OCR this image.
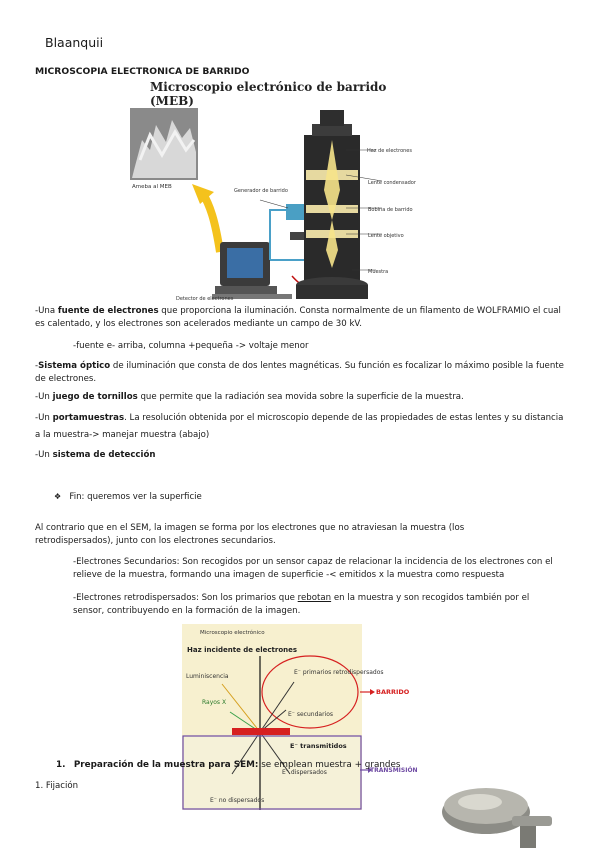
Blaanquii
MICROSCOPIA ELECTRONICA DE BARRIDO
Microscopio electrónico de barrido (MEB)
Ameba al MEB
Haz de electrones
Lente condensador
Bobina de barrido
Lente objetivo
Muestra
Generador de barrido
Detector de electrones
-Una fuente de electrones que proporciona la iluminación. Consta normalmente de un filamento de WOLFRAMIO el cual es calentado, y los electrones son acelerados mediante un campo de 30 kV.
-fuente e- arriba, columna +pequeña -> voltaje menor
-Sistema óptico de iluminación que consta de dos lentes magnéticas. Su función es focalizar lo máximo posible la fuente de electrones.
-Un juego de tornillos que permite que la radiación sea movida sobre la superficie de la muestra.
-Un portamuestras. La resolución obtenida por el microscopio depende de las propiedades de estas lentes y su distancia a la muestra-> manejar muestra (abajo)
-Un sistema de detección
❖ Fin: queremos ver la superficie
Al contrario que en el SEM, la imagen se forma por los electrones que no atraviesan la muestra (los retrodispersados), junto con los electrones secundarios.
-Electrones Secundarios: Son recogidos por un sensor capaz de relacionar la incidencia de los electrones con el relieve de la muestra, formando una imagen de superficie -< emitidos x la muestra como respuesta
-Electrones retrodispersados: Son los primarios que rebotan en la muestra y son recogidos también por el sensor, contribuyendo en la formación de la imagen.
Microscopio electrónico
Haz incidente de electrones
Luminiscencia
Rayos X
E⁻ primarios retrodispersados
E⁻ secundarios
E⁻ transmitidos
E⁻ dispersados
E⁻ no dispersados
BARRIDO
TRANSMISIÓN
1. Preparación de la muestra para SEM: se emplean muestra + grandes
1. Fijación
